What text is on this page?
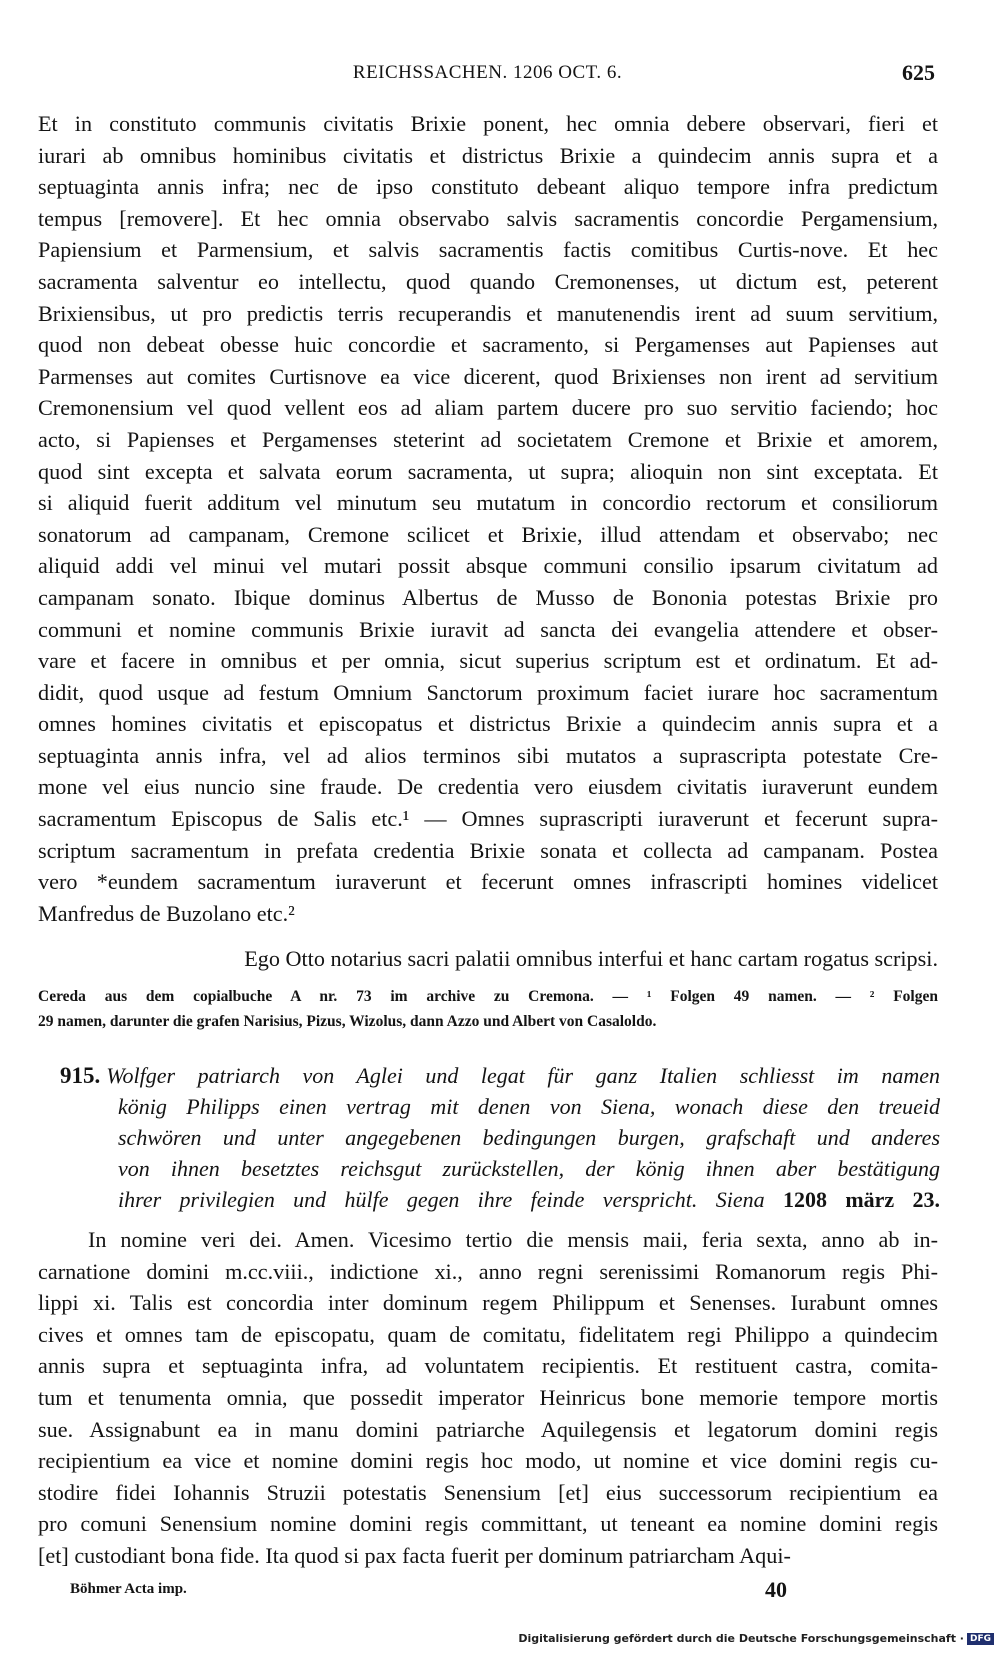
REICHSSACHEN. 1206 OCT. 6.	625
Et in constituto communis civitatis Brixie ponent, hec omnia debere observari, fieri et
iurari ab omnibus hominibus civitatis et districtus Brixie a quindecim annis supra et a
septuaginta annis infra; nec de ipso constituto debeant aliquo tempore infra predictum
tempus [removere]. Et hec omnia observabo salvis sacramentis concordie Pergamensium,
Papiensium et Parmensium, et salvis sacramentis factis comitibus Curtis-nove. Et hec
sacramenta salventur eo intellectu, quod quando Cremonenses, ut dictum est, peterent
Brixiensibus, ut pro predictis terris recuperandis et manutenendis irent ad suum servitium,
quod non debeat obesse huic concordie et sacramento, si Pergamenses aut Papienses aut
Parmenses aut comites Curtisnove ea vice dicerent, quod Brixienses non irent ad servitium
Cremonensium vel quod vellent eos ad aliam partem ducere pro suo servitio faciendo; hoc
acto, si Papienses et Pergamenses steterint ad societatem Cremone et Brixie et amorem,
quod sint excepta et salvata eorum sacramenta, ut supra; alioquin non sint exceptata. Et
si aliquid fuerit additum vel minutum seu mutatum in concordio rectorum et consiliorum
sonatorum ad campanam, Cremone scilicet et Brixie, illud attendam et observabo; nec
aliquid addi vel minui vel mutari possit absque communi consilio ipsarum civitatum ad
campanam sonato. Ibique dominus Albertus de Musso de Bononia potestas Brixie pro
communi et nomine communis Brixie iuravit ad sancta dei evangelia attendere et obser-
vare et facere in omnibus et per omnia, sicut superius scriptum est et ordinatum. Et ad-
didit, quod usque ad festum Omnium Sanctorum proximum faciet iurare hoc sacramentum
omnes homines civitatis et episcopatus et districtus Brixie a quindecim annis supra et a
septuaginta annis infra, vel ad alios terminos sibi mutatos a suprascripta potestate Cre-
mone vel eius nuncio sine fraude. De credentia vero eiusdem civitatis iuraverunt eundem
sacramentum Episcopus de Salis etc.¹ — Omnes suprascripti iuraverunt et fecerunt supra-
scriptum sacramentum in prefata credentia Brixie sonata et collecta ad campanam. Postea
vero *eundem sacramentum iuraverunt et fecerunt omnes infrascripti homines videlicet
Manfredus de Buzolano etc.²
Ego Otto notarius sacri palatii omnibus interfui et hanc cartam rogatus scripsi.
Cereda aus dem copialbuche A nr. 73 im archive zu Cremona. — ¹ Folgen 49 namen. — ² Folgen
29 namen, darunter die grafen Narisius, Pizus, Wizolus, dann Azzo und Albert von Casaloldo.
915. Wolfger patriarch von Aglei und legat für ganz Italien schliesst im namen
könig Philipps einen vertrag mit denen von Siena, wonach diese den treueid
schwören und unter angegebenen bedingungen burgen, grafschaft und anderes
von ihnen besetztes reichsgut zurückstellen, der könig ihnen aber bestätigung
ihrer privilegien und hülfe gegen ihre feinde verspricht. Siena 1208 märz 23.
In nomine veri dei. Amen. Vicesimo tertio die mensis maii, feria sexta, anno ab in-
carnatione domini m.cc.viii., indictione xi., anno regni serenissimi Romanorum regis Phi-
lippi xi. Talis est concordia inter dominum regem Philippum et Senenses. Iurabunt omnes
cives et omnes tam de episcopatu, quam de comitatu, fidelitatem regi Philippo a quindecim
annis supra et septuaginta infra, ad voluntatem recipientis. Et restituent castra, comita-
tum et tenumenta omnia, que possedit imperator Heinricus bone memorie tempore mortis
sue. Assignabunt ea in manu domini patriarche Aquilegensis et legatorum domini regis
recipientium ea vice et nomine domini regis hoc modo, ut nomine et vice domini regis cu-
stodire fidei Iohannis Struzii potestatis Senensium [et] eius successorum recipientium ea
pro comuni Senensium nomine domini regis committant, ut teneant ea nomine domini regis
[et] custodiant bona fide. Ita quod si pax facta fuerit per dominum patriarcham Aqui-
Böhmer Acta imp.	40
Digitalisierung gefördert durch die Deutsche Forschungsgemeinschaft · DFG
